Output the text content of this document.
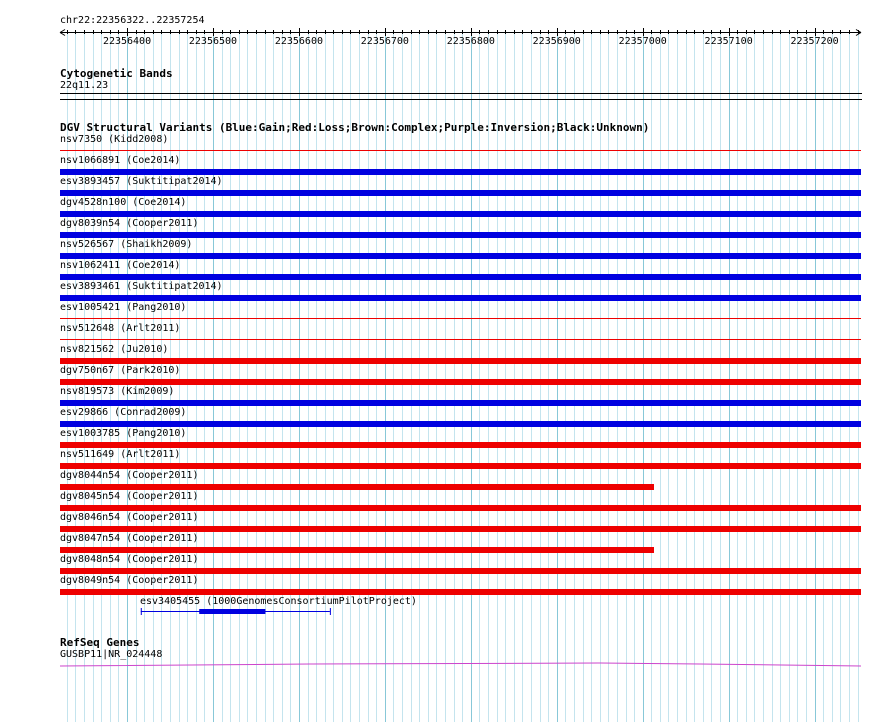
chr22:22356322..22357254
22356400	22356500	22356600	22356700	22356800	22356900	22357000	22357100	22357200
Cytogenetic Bands
22q11.23
DGV Structural Variants (Blue:Gain;Red:Loss;Brown:Complex;Purple:Inversion;Black:Unknown)
nsv7350 (Kidd2008)
nsv1066891 (Coe2014)
esv3893457 (Suktitipat2014)
dgv4528n100 (Coe2014)
dgv8039n54 (Cooper2011)
nsv526567 (Shaikh2009)
nsv1062411 (Coe2014)
esv3893461 (Suktitipat2014)
esv1005421 (Pang2010)
nsv512648 (Arlt2011)
nsv821562 (Ju2010)
dgv750n67 (Park2010)
nsv819573 (Kim2009)
esv29866 (Conrad2009)
esv1003785 (Pang2010)
nsv511649 (Arlt2011)
dgv8044n54 (Cooper2011)
dgv8045n54 (Cooper2011)
dgv8046n54 (Cooper2011)
dgv8047n54 (Cooper2011)
dgv8048n54 (Cooper2011)
dgv8049n54 (Cooper2011)
esv3405455 (1000GenomesConsortiumPilotProject)
RefSeq Genes
GUSBP11|NR_024448
